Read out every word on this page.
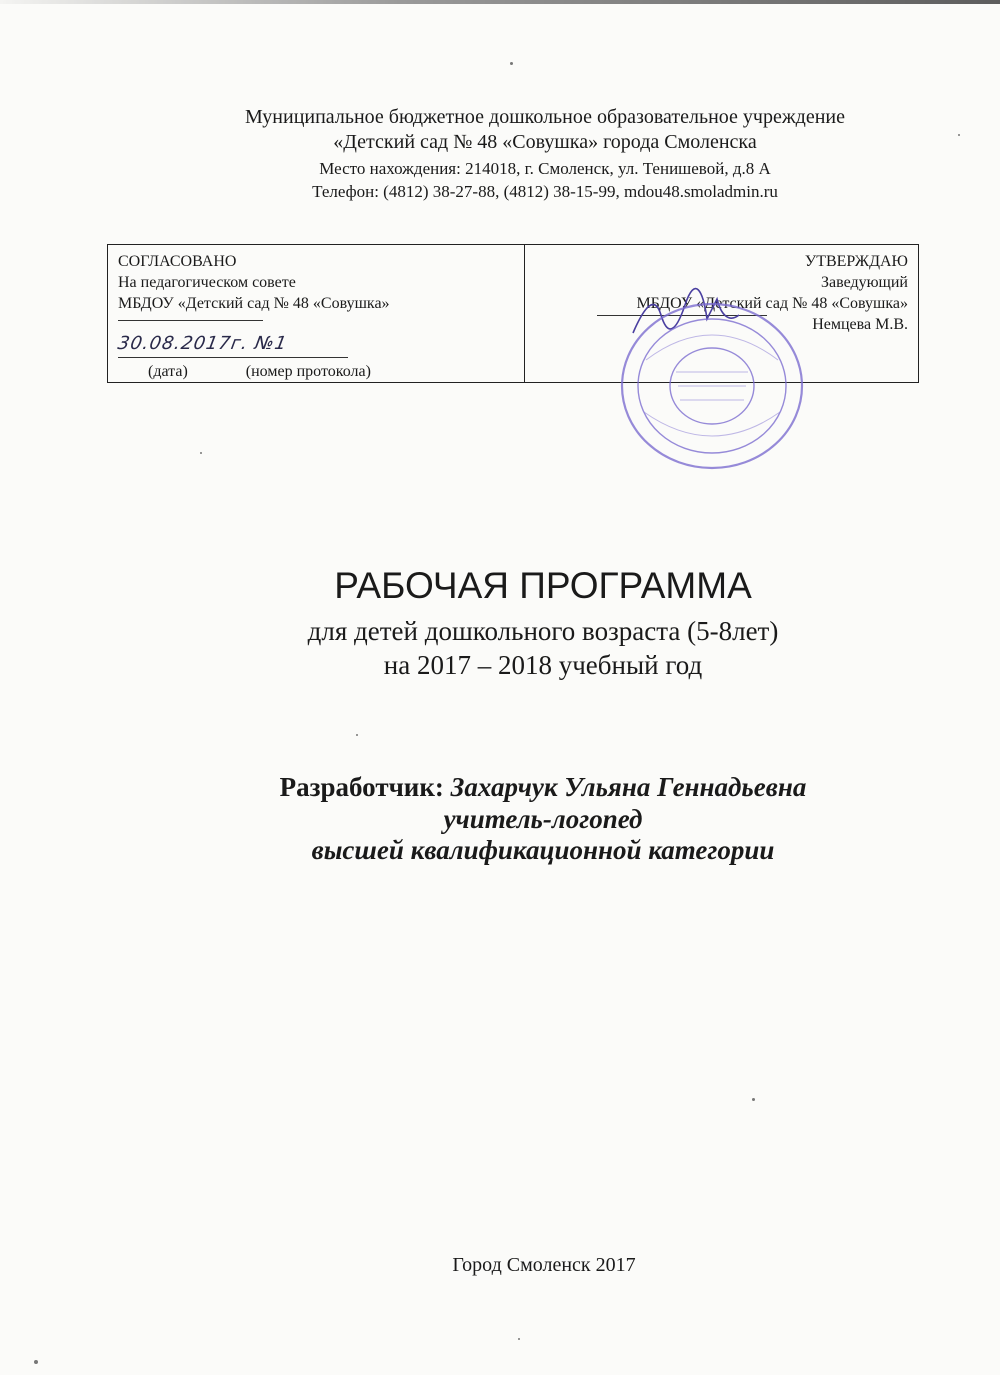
Муниципальное бюджетное дошкольное образовательное учреждение
«Детский сад № 48 «Совушка» города Смоленска
Место нахождения: 214018, г. Смоленск, ул. Тенишевой, д.8 А
Телефон: (4812) 38-27-88, (4812) 38-15-99, mdou48.smoladmin.ru
СОГЛАСОВАНО
На педагогическом совете
МБДОУ «Детский сад № 48 «Совушка»
30.08.2017г. №1
(дата)	(номер протокола)
УТВЕРЖДАЮ
Заведующий
МБДОУ «Детский сад № 48 «Совушка»
Немцева М.В.
РАБОЧАЯ ПРОГРАММА
для детей дошкольного возраста (5-8лет)
на 2017 – 2018 учебный год
Разработчик: Захарчук Ульяна Геннадьевна
учитель-логопед
высшей квалификационной категории
Город Смоленск 2017
